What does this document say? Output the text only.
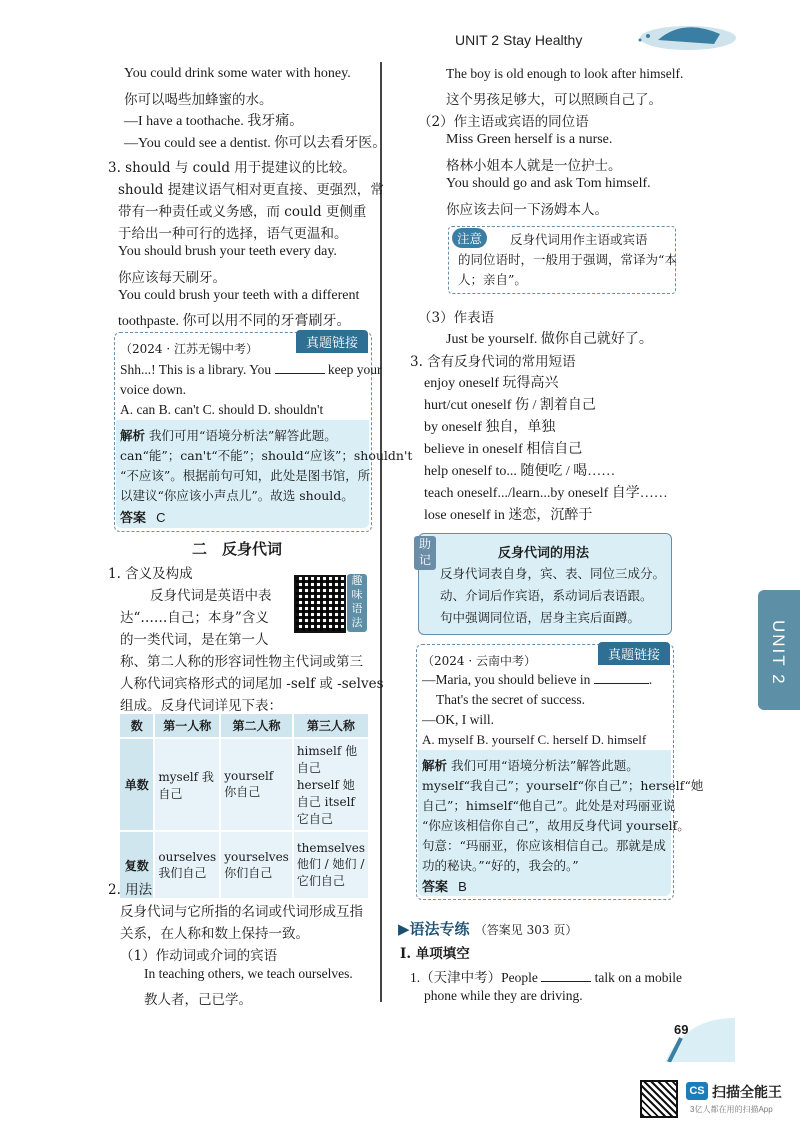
UNIT 2 Stay Healthy
You could drink some water with honey.
你可以喝些加蜂蜜的水。
—I have a toothache. 我牙痛。
—You could see a dentist. 你可以去看牙医。
3. should 与 could 用于提建议的比较。
should 提建议语气相对更直接、更强烈，常
带有一种责任或义务感，而 could 更侧重
于给出一种可行的选择，语气更温和。
You should brush your teeth every day.
你应该每天刷牙。
You could brush your teeth with a different
toothpaste. 你可以用不同的牙膏刷牙。
真题链接
（2024 · 江苏无锡中考）
Shh...! This is a library. You	keep your
voice down.
A. can B. can't C. should D. shouldn't
解析 我们可用“语境分析法”解答此题。
can“能”；can't“不能”；should“应该”；shouldn't
“不应该”。根据前句可知，此处是图书馆，所
以建议“你应该小声点儿”。故选 should。
答案 C
二　反身代词
1. 含义及构成
反身代词是英语中表
达“……自己；本身”含义
的一类代词，是在第一人
称、第二人称的形容词性物主代词或第三
人称代词宾格形式的词尾加 -self 或 -selves
组成。反身代词详见下表：
趣味语法
数	第一人称	第二人称	第三人称
单数	myself 我自己	yourself 你自己	himself 他自己 herself 她自己 itself 它自己
复数	ourselves 我们自己	yourselves 你们自己	themselves 他们 / 她们 / 它们自己
2. 用法
反身代词与它所指的名词或代词形成互指
关系，在人称和数上保持一致。
（1）作动词或介词的宾语
In teaching others, we teach ourselves.
教人者，己已学。
The boy is old enough to look after himself.
这个男孩足够大，可以照顾自己了。
（2）作主语或宾语的同位语
Miss Green herself is a nurse.
格林小姐本人就是一位护士。
You should go and ask Tom himself.
你应该去问一下汤姆本人。
注意	反身代词用作主语或宾语
的同位语时，一般用于强调，常译为“本
人；亲自”。
（3）作表语
Just be yourself. 做你自己就好了。
3. 含有反身代词的常用短语
enjoy oneself 玩得高兴
hurt/cut oneself 伤 / 割着自己
by oneself 独自，单独
believe in oneself 相信自己
help oneself to... 随便吃 / 喝……
teach oneself.../learn...by oneself 自学……
lose oneself in 迷恋，沉醉于
助记	反身代词的用法
反身代词表自身，宾、表、同位三成分。
动、介词后作宾语，系动词后表语跟。
句中强调同位语，居身主宾后面蹲。
真题链接
（2024 · 云南中考）
—Maria, you should believe in	.
That's the secret of success.
—OK, I will.
A. myself B. yourself C. herself D. himself
解析 我们可用“语境分析法”解答此题。
myself“我自己”；yourself“你自己”；herself“她
自己”；himself“他自己”。此处是对玛丽亚说
“你应该相信你自己”，故用反身代词 yourself。
句意：“玛丽亚，你应该相信自己。那就是成
功的秘诀。”“好的，我会的。”
答案 B
▶语法专练 （答案见 303 页）
Ⅰ. 单项填空
1.（天津中考）People	talk on a mobile
phone while they are driving.
UNIT 2
69
CS 扫描全能王
3亿人都在用的扫描App
